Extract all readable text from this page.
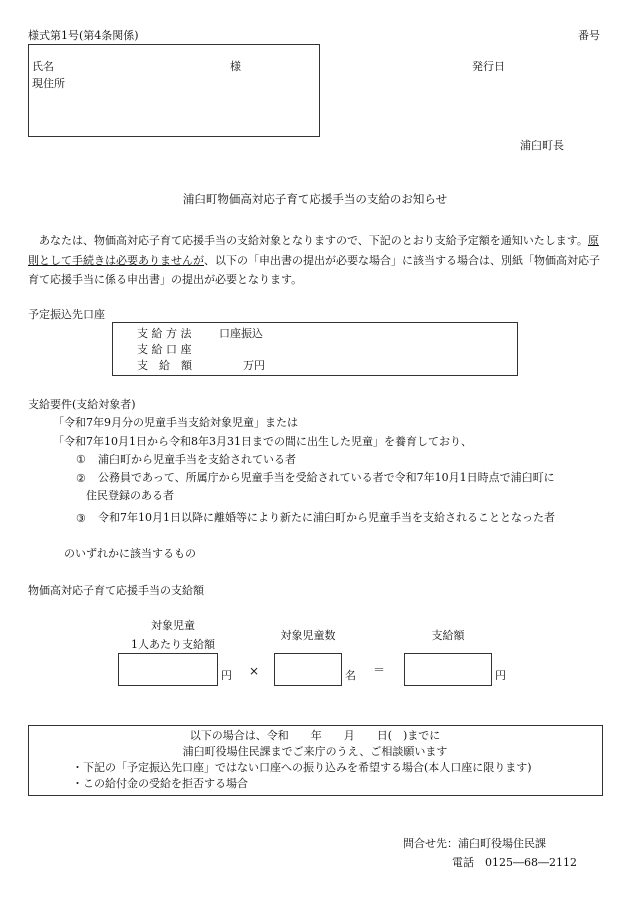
様式第1号(第4条関係)	番号
氏名	様
現住所
発行日
浦臼町長
浦臼町物価高対応子育て応援手当の支給のお知らせ
あなたは、物価高対応子育て応援手当の支給対象となりますので、下記のとおり支給予定額を通知いたします。原則として手続きは必要ありませんが、以下の「申出書の提出が必要な場合」に該当する場合は、別紙「物価高対応子育て応援手当に係る申出書」の提出が必要となります。
予定振込先口座
支 給 方 法	口座振込
支 給 口 座
支　給　額	万円
支給要件(支給対象者)
「令和7年9月分の児童手当支給対象児童」または
「令和7年10月1日から令和8年3月31日までの間に出生した児童」を養育しており、
① 浦臼町から児童手当を支給されている者
②	公務員であって、所属庁から児童手当を受給されている者で令和7年10月1日時点で浦臼町に住民登録のある者
③	令和7年10月1日以降に離婚等により新たに浦臼町から児童手当を支給されることとなった者
のいずれかに該当するもの
物価高対応子育て応援手当の支給額
対象児童
1人あたり支給額
対象児童数	支給額
円 ×	名 ＝	円
以下の場合は、令和　　年　　月　　日(　)までに
浦臼町役場住民課までご来庁のうえ、ご相談願います
・下記の「予定振込先口座」ではない口座への振り込みを希望する場合(本人口座に限ります)
・この給付金の受給を拒否する場合
問合せ先：浦臼町役場住民課
電話　0125―68―2112
